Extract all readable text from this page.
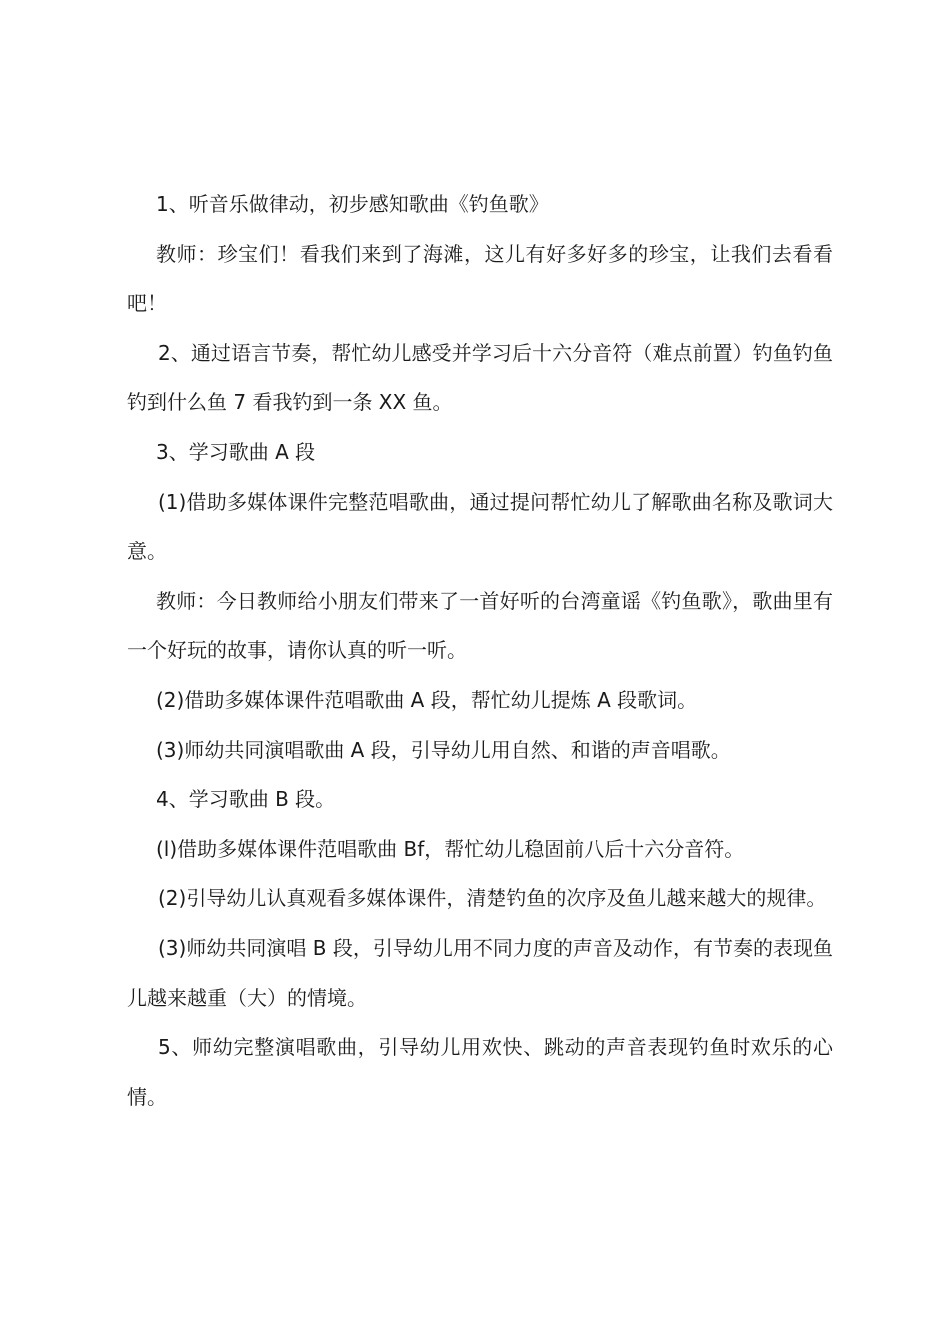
1、听音乐做律动，初步感知歌曲《钓鱼歌》

教师：珍宝们！看我们来到了海滩，这儿有好多好多的珍宝，让我们去看看吧！

2、通过语言节奏，帮忙幼儿感受并学习后十六分音符（难点前置）钓鱼钓鱼钓到什么鱼 7 看我钓到一条 XX 鱼。

3、学习歌曲 A 段

(1)借助多媒体课件完整范唱歌曲，通过提问帮忙幼儿了解歌曲名称及歌词大意。

教师：今日教师给小朋友们带来了一首好听的台湾童谣《钓鱼歌》，歌曲里有一个好玩的故事，请你认真的听一听。

(2)借助多媒体课件范唱歌曲 A 段，帮忙幼儿提炼 A 段歌词。

(3)师幼共同演唱歌曲 A 段，引导幼儿用自然、和谐的声音唱歌。

4、学习歌曲 B 段。

(l)借助多媒体课件范唱歌曲 Bf，帮忙幼儿稳固前八后十六分音符。

(2)引导幼儿认真观看多媒体课件，清楚钓鱼的次序及鱼儿越来越大的规律。

(3)师幼共同演唱 B 段，引导幼儿用不同力度的声音及动作，有节奏的表现鱼儿越来越重（大）的情境。

5、师幼完整演唱歌曲，引导幼儿用欢快、跳动的声音表现钓鱼时欢乐的心情。
